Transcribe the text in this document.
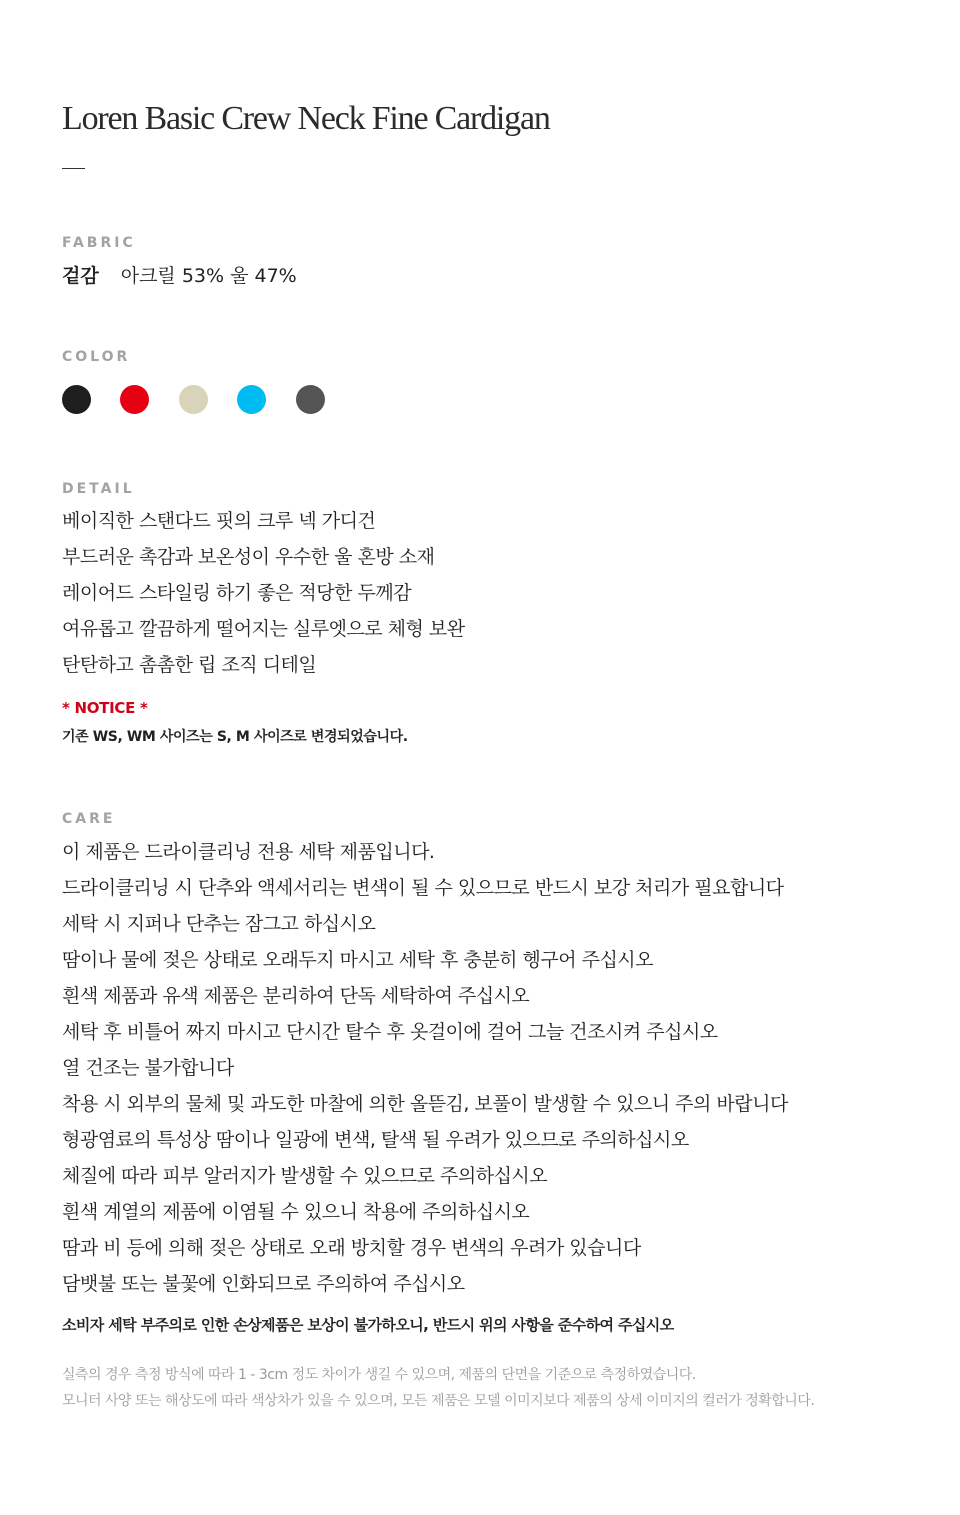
Loren Basic Crew Neck Fine Cardigan
FABRIC
겉감 아크릴 53% 울 47%
COLOR
DETAIL
베이직한 스탠다드 핏의 크루 넥 가디건
부드러운 촉감과 보온성이 우수한 울 혼방 소재
레이어드 스타일링 하기 좋은 적당한 두께감
여유롭고 깔끔하게 떨어지는 실루엣으로 체형 보완
탄탄하고 촘촘한 립 조직 디테일
* NOTICE *
기존 WS, WM 사이즈는 S, M 사이즈로 변경되었습니다.
CARE
이 제품은 드라이클리닝 전용 세탁 제품입니다.
드라이클리닝 시 단추와 액세서리는 변색이 될 수 있으므로 반드시 보강 처리가 필요합니다
세탁 시 지퍼나 단추는 잠그고 하십시오
땀이나 물에 젖은 상태로 오래두지 마시고 세탁 후 충분히 헹구어 주십시오
흰색 제품과 유색 제품은 분리하여 단독 세탁하여 주십시오
세탁 후 비틀어 짜지 마시고 단시간 탈수 후 옷걸이에 걸어 그늘 건조시켜 주십시오
열 건조는 불가합니다
착용 시 외부의 물체 및 과도한 마찰에 의한 올뜯김, 보풀이 발생할 수 있으니 주의 바랍니다
형광염료의 특성상 땀이나 일광에 변색, 탈색 될 우려가 있으므로 주의하십시오
체질에 따라 피부 알러지가 발생할 수 있으므로 주의하십시오
흰색 계열의 제품에 이염될 수 있으니 착용에 주의하십시오
땀과 비 등에 의해 젖은 상태로 오래 방치할 경우 변색의 우려가 있습니다
담뱃불 또는 불꽃에 인화되므로 주의하여 주십시오
소비자 세탁 부주의로 인한 손상제품은 보상이 불가하오니, 반드시 위의 사항을 준수하여 주십시오
실측의 경우 측정 방식에 따라 1 - 3cm 정도 차이가 생길 수 있으며, 제품의 단면을 기준으로 측정하였습니다.
모니터 사양 또는 해상도에 따라 색상차가 있을 수 있으며, 모든 제품은 모델 이미지보다 제품의 상세 이미지의 컬러가 정확합니다.
